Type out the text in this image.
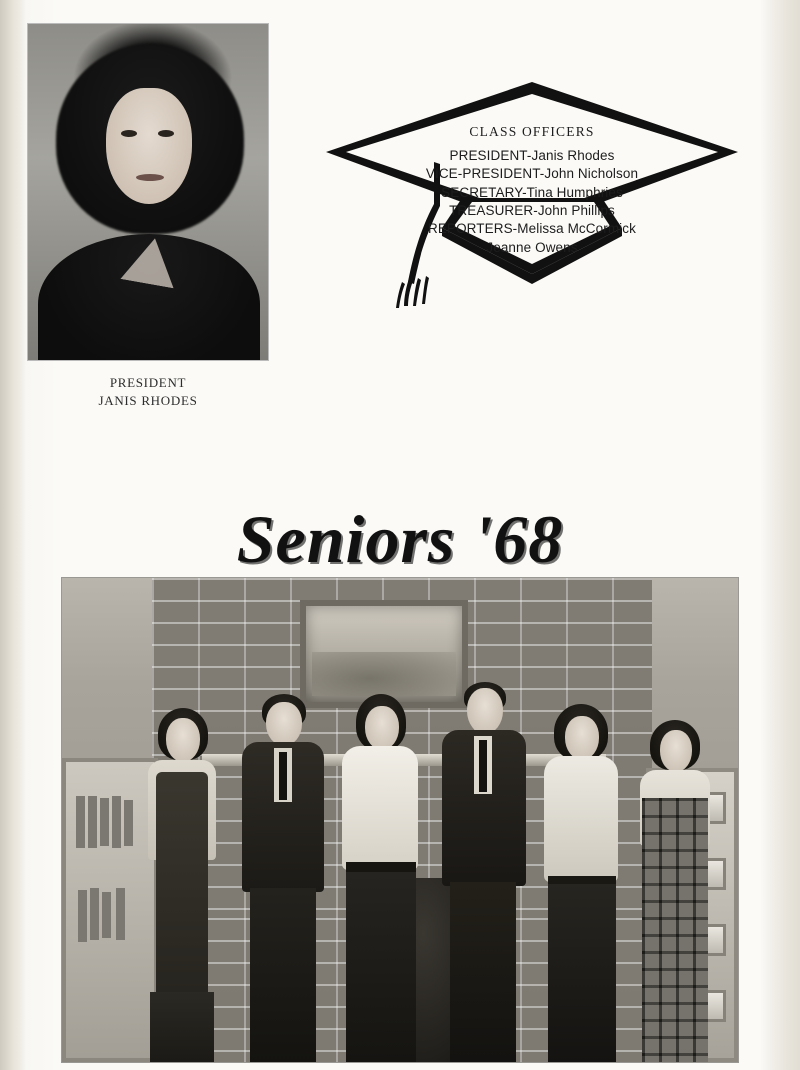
PRESIDENT
JANIS RHODES
CLASS OFFICERS
PRESIDENT-Janis Rhodes
VICE-PRESIDENT-John Nicholson
SECRETARY-Tina Humphries
TREASURER-John Phillips
REPORTERS-Melissa McCormick
Jeanne Owens
Seniors '68
